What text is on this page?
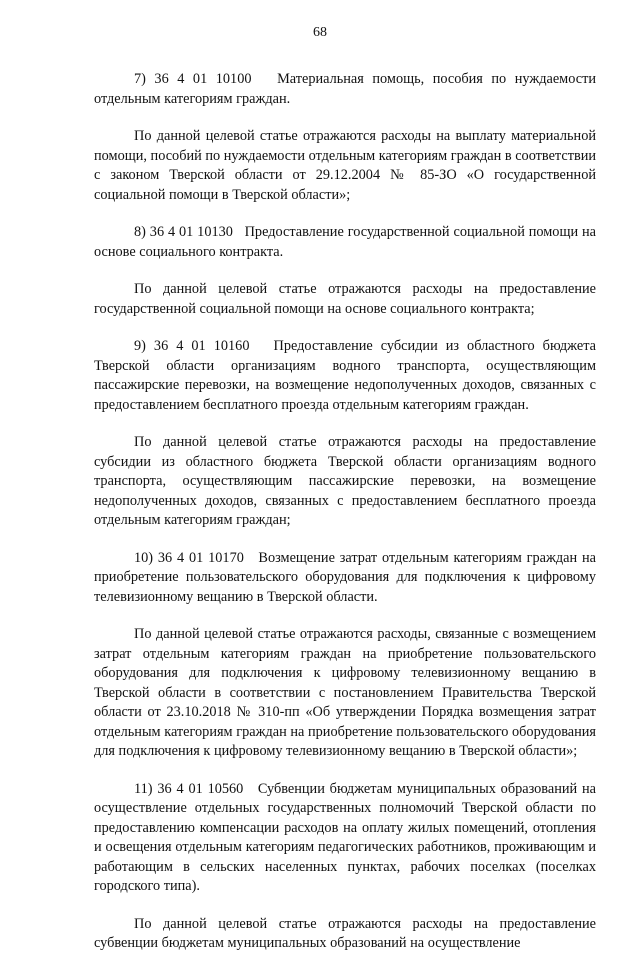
68

7) 36 4 01 10100 Материальная помощь, пособия по нуждаемости отдельным категориям граждан.

По данной целевой статье отражаются расходы на выплату материальной помощи, пособий по нуждаемости отдельным категориям граждан в соответствии с законом Тверской области от 29.12.2004 № 85-ЗО «О государственной социальной помощи в Тверской области»;

8) 36 4 01 10130 Предоставление государственной социальной помощи на основе социального контракта.

По данной целевой статье отражаются расходы на предоставление государственной социальной помощи на основе социального контракта;

9) 36 4 01 10160 Предоставление субсидии из областного бюджета Тверской области организациям водного транспорта, осуществляющим пассажирские перевозки, на возмещение недополученных доходов, связанных с предоставлением бесплатного проезда отдельным категориям граждан.

По данной целевой статье отражаются расходы на предоставление субсидии из областного бюджета Тверской области организациям водного транспорта, осуществляющим пассажирские перевозки, на возмещение недополученных доходов, связанных с предоставлением бесплатного проезда отдельным категориям граждан;

10) 36 4 01 10170 Возмещение затрат отдельным категориям граждан на приобретение пользовательского оборудования для подключения к цифровому телевизионному вещанию в Тверской области.

По данной целевой статье отражаются расходы, связанные с возмещением затрат отдельным категориям граждан на приобретение пользовательского оборудования для подключения к цифровому телевизионному вещанию в Тверской области в соответствии с постановлением Правительства Тверской области от 23.10.2018 № 310-пп «Об утверждении Порядка возмещения затрат отдельным категориям граждан на приобретение пользовательского оборудования для подключения к цифровому телевизионному вещанию в Тверской области»;

11) 36 4 01 10560 Субвенции бюджетам муниципальных образований на осуществление отдельных государственных полномочий Тверской области по предоставлению компенсации расходов на оплату жилых помещений, отопления и освещения отдельным категориям педагогических работников, проживающим и работающим в сельских населенных пунктах, рабочих поселках (поселках городского типа).

По данной целевой статье отражаются расходы на предоставление субвенции бюджетам муниципальных образований на осуществление
